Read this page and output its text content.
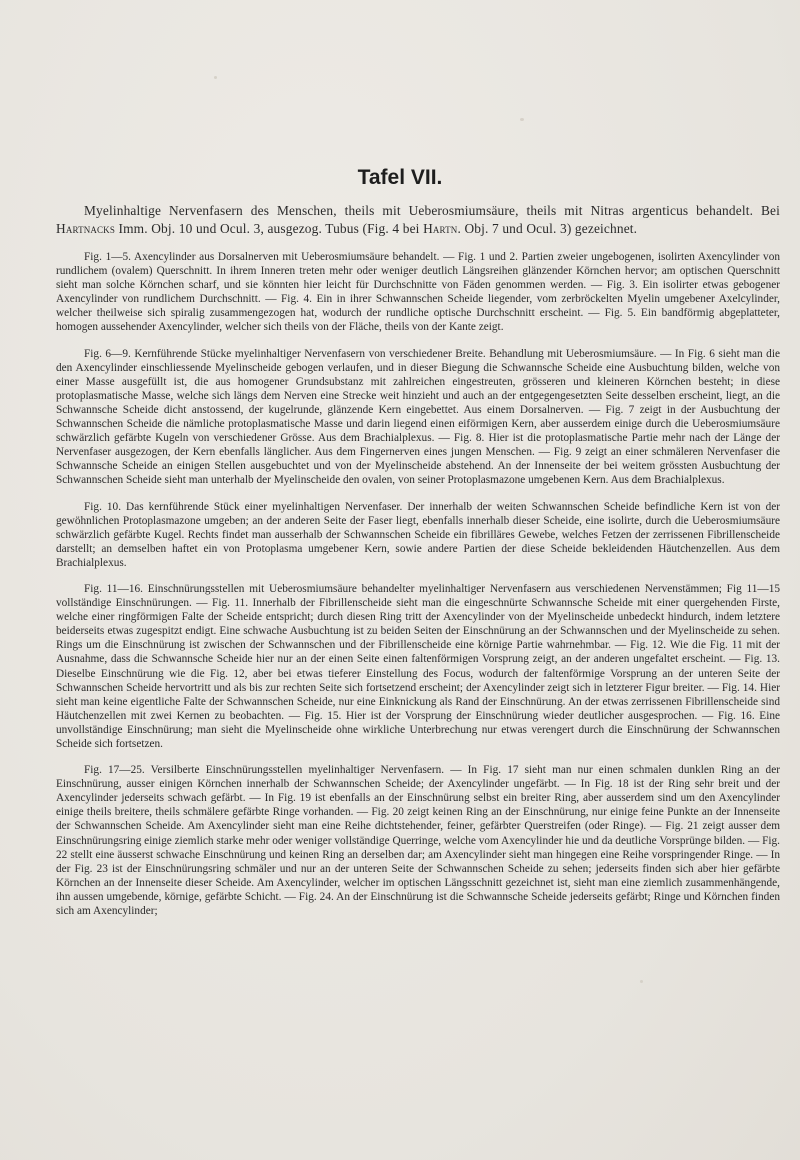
Tafel VII.

Myelinhaltige Nervenfasern des Menschen, theils mit Ueberosmiumsäure, theils mit Nitras argenticus behandelt. Bei Hartnacks Imm. Obj. 10 und Ocul. 3, ausgezog. Tubus (Fig. 4 bei Hartn. Obj. 7 und Ocul. 3) gezeichnet.

Fig. 1—5. Axencylinder aus Dorsalnerven mit Ueberosmiumsäure behandelt. — Fig. 1 und 2. Partien zweier ungebogenen, isolirten Axencylinder von rundlichem (ovalem) Querschnitt. In ihrem Inneren treten mehr oder weniger deutlich Längsreihen glänzender Körnchen hervor; am optischen Querschnitt sieht man solche Körnchen scharf, und sie könnten hier leicht für Durchschnitte von Fäden genommen werden. — Fig. 3. Ein isolirter etwas gebogener Axencylinder von rundlichem Durchschnitt. — Fig. 4. Ein in ihrer Schwannschen Scheide liegender, vom zerbröckelten Myelin umgebener Axelcylinder, welcher theilweise sich spiralig zusammengezogen hat, wodurch der rundliche optische Durchschnitt erscheint. — Fig. 5. Ein bandförmig abgeplatteter, homogen aussehender Axencylinder, welcher sich theils von der Fläche, theils von der Kante zeigt.

Fig. 6—9. Kernführende Stücke myelinhaltiger Nervenfasern von verschiedener Breite. Behandlung mit Ueberosmiumsäure. — In Fig. 6 sieht man die den Axencylinder einschliessende Myelinscheide gebogen verlaufen, und in dieser Biegung die Schwannsche Scheide eine Ausbuchtung bilden, welche von einer Masse ausgefüllt ist, die aus homogener Grundsubstanz mit zahlreichen eingestreuten, grösseren und kleineren Körnchen besteht; in diese protoplasmatische Masse, welche sich längs dem Nerven eine Strecke weit hinzieht und auch an der entgegengesetzten Seite desselben erscheint, liegt, an die Schwannsche Scheide dicht anstossend, der kugelrunde, glänzende Kern eingebettet. Aus einem Dorsalnerven. — Fig. 7 zeigt in der Ausbuchtung der Schwannschen Scheide die nämliche protoplasmatische Masse und darin liegend einen eiförmigen Kern, aber ausserdem einige durch die Ueberosmiumsäure schwärzlich gefärbte Kugeln von verschiedener Grösse. Aus dem Brachialplexus. — Fig. 8. Hier ist die protoplasmatische Partie mehr nach der Länge der Nervenfaser ausgezogen, der Kern ebenfalls länglicher. Aus dem Fingernerven eines jungen Menschen. — Fig. 9 zeigt an einer schmäleren Nervenfaser die Schwannsche Scheide an einigen Stellen ausgebuchtet und von der Myelinscheide abstehend. An der Innenseite der bei weitem grössten Ausbuchtung der Schwannschen Scheide sieht man unterhalb der Myelinscheide den ovalen, von seiner Protoplasmazone umgebenen Kern. Aus dem Brachialplexus.

Fig. 10. Das kernführende Stück einer myelinhaltigen Nervenfaser. Der innerhalb der weiten Schwannschen Scheide befindliche Kern ist von der gewöhnlichen Protoplasmazone umgeben; an der anderen Seite der Faser liegt, ebenfalls innerhalb dieser Scheide, eine isolirte, durch die Ueberosmiumsäure schwärzlich gefärbte Kugel. Rechts findet man ausserhalb der Schwannschen Scheide ein fibrilläres Gewebe, welches Fetzen der zerrissenen Fibrillenscheide darstellt; an demselben haftet ein von Protoplasma umgebener Kern, sowie andere Partien der diese Scheide bekleidenden Häutchenzellen. Aus dem Brachialplexus.

Fig. 11—16. Einschnürungsstellen mit Ueberosmiumsäure behandelter myelinhaltiger Nervenfasern aus verschiedenen Nervenstämmen; Fig 11—15 vollständige Einschnürungen. — Fig. 11. Innerhalb der Fibrillenscheide sieht man die eingeschnürte Schwannsche Scheide mit einer quergehenden Firste, welche einer ringförmigen Falte der Scheide entspricht; durch diesen Ring tritt der Axencylinder von der Myelinscheide unbedeckt hindurch, indem letztere beiderseits etwas zugespitzt endigt. Eine schwache Ausbuchtung ist zu beiden Seiten der Einschnürung an der Schwannschen und der Myelinscheide zu sehen. Rings um die Einschnürung ist zwischen der Schwannschen und der Fibrillenscheide eine körnige Partie wahrnehmbar. — Fig. 12. Wie die Fig. 11 mit der Ausnahme, dass die Schwannsche Scheide hier nur an der einen Seite einen faltenförmigen Vorsprung zeigt, an der anderen ungefaltet erscheint. — Fig. 13. Dieselbe Einschnürung wie die Fig. 12, aber bei etwas tieferer Einstellung des Focus, wodurch der faltenförmige Vorsprung an der unteren Seite der Schwannschen Scheide hervortritt und als bis zur rechten Seite sich fortsetzend erscheint; der Axencylinder zeigt sich in letzterer Figur breiter. — Fig. 14. Hier sieht man keine eigentliche Falte der Schwannschen Scheide, nur eine Einknickung als Rand der Einschnürung. An der etwas zerrissenen Fibrillenscheide sind Häutchenzellen mit zwei Kernen zu beobachten. — Fig. 15. Hier ist der Vorsprung der Einschnürung wieder deutlicher ausgesprochen. — Fig. 16. Eine unvollständige Einschnürung; man sieht die Myelinscheide ohne wirkliche Unterbrechung nur etwas verengert durch die Einschnürung der Schwannschen Scheide sich fortsetzen.

Fig. 17—25. Versilberte Einschnürungsstellen myelinhaltiger Nervenfasern. — In Fig. 17 sieht man nur einen schmalen dunklen Ring an der Einschnürung, ausser einigen Körnchen innerhalb der Schwannschen Scheide; der Axencylinder ungefärbt. — In Fig. 18 ist der Ring sehr breit und der Axencylinder jederseits schwach gefärbt. — In Fig. 19 ist ebenfalls an der Einschnürung selbst ein breiter Ring, aber ausserdem sind um den Axencylinder einige theils breitere, theils schmälere gefärbte Ringe vorhanden. — Fig. 20 zeigt keinen Ring an der Einschnürung, nur einige feine Punkte an der Innenseite der Schwannschen Scheide. Am Axencylinder sieht man eine Reihe dichtstehender, feiner, gefärbter Querstreifen (oder Ringe). — Fig. 21 zeigt ausser dem Einschnürungsring einige ziemlich starke mehr oder weniger vollständige Querringe, welche vom Axencylinder hie und da deutliche Vorsprünge bilden. — Fig. 22 stellt eine äusserst schwache Einschnürung und keinen Ring an derselben dar; am Axencylinder sieht man hingegen eine Reihe vorspringender Ringe. — In der Fig. 23 ist der Einschnürungsring schmäler und nur an der unteren Seite der Schwannschen Scheide zu sehen; jederseits finden sich aber hier gefärbte Körnchen an der Innenseite dieser Scheide. Am Axencylinder, welcher im optischen Längsschnitt gezeichnet ist, sieht man eine ziemlich zusammenhängende, ihn aussen umgebende, körnige, gefärbte Schicht. — Fig. 24. An der Einschnürung ist die Schwannsche Scheide jederseits gefärbt; Ringe und Körnchen finden sich am Axencylinder;
